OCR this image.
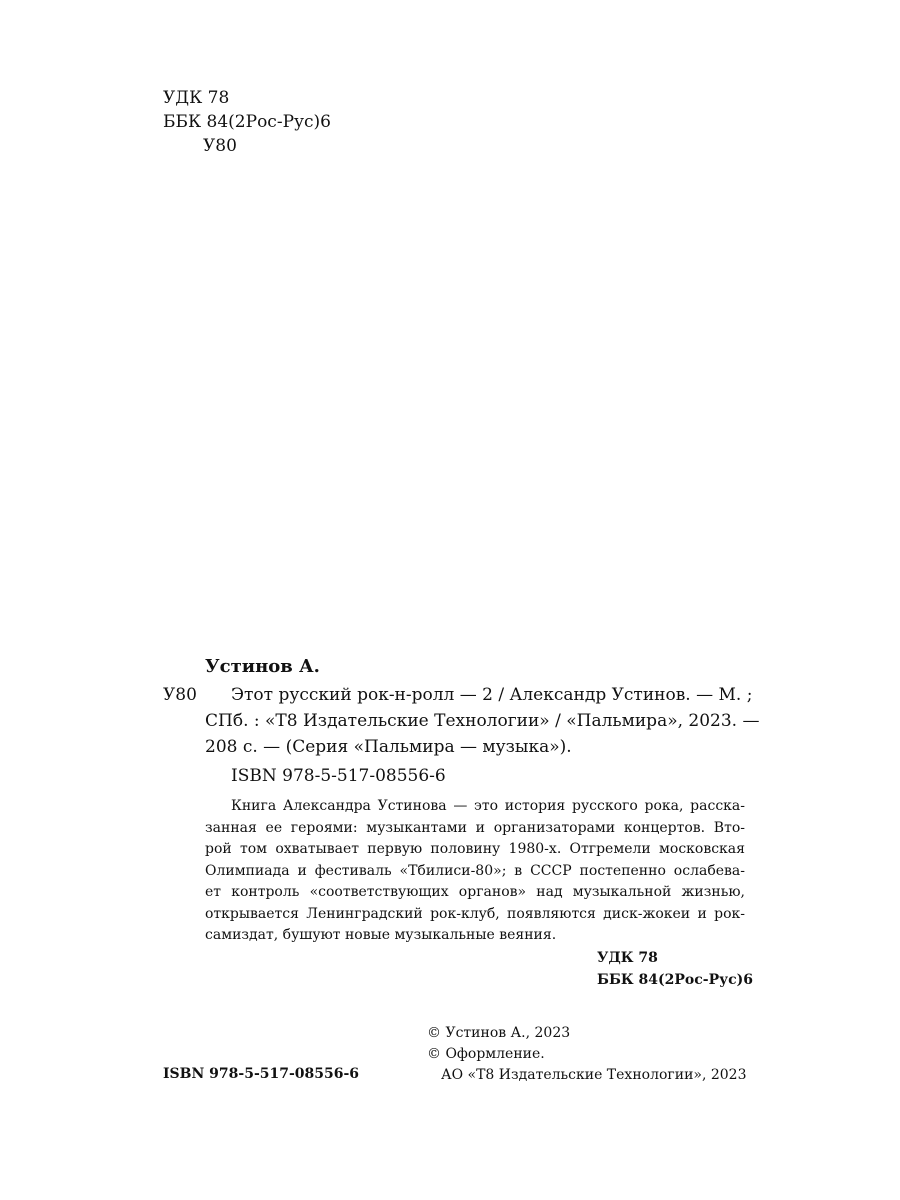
УДК 78
ББК 84(2Рос-Рус)6
У80
Устинов А.
У80	Этот русский рок-н-ролл — 2 / Александр Устинов. — М. ;
СПб. : «Т8 Издательские Технологии» / «Пальмира», 2023. —
208 с. — (Серия «Пальмира — музыка»).
ISBN 978-5-517-08556-6
Книга Александра Устинова — это история русского рока, расска-
занная ее героями: музыкантами и организаторами концертов. Вто-
рой том охватывает первую половину 1980-х. Отгремели московская
Олимпиада и фестиваль «Тбилиси-80»; в СССР постепенно ослабева-
ет контроль «соответствующих органов» над музыкальной жизнью,
открывается Ленинградский рок-клуб, появляются диск-жокеи и рок-
самиздат, бушуют новые музыкальные веяния.
УДК 78
ББК 84(2Рос-Рус)6
© Устинов А., 2023
© Оформление.
АО «Т8 Издательские Технологии», 2023
ISBN 978-5-517-08556-6
